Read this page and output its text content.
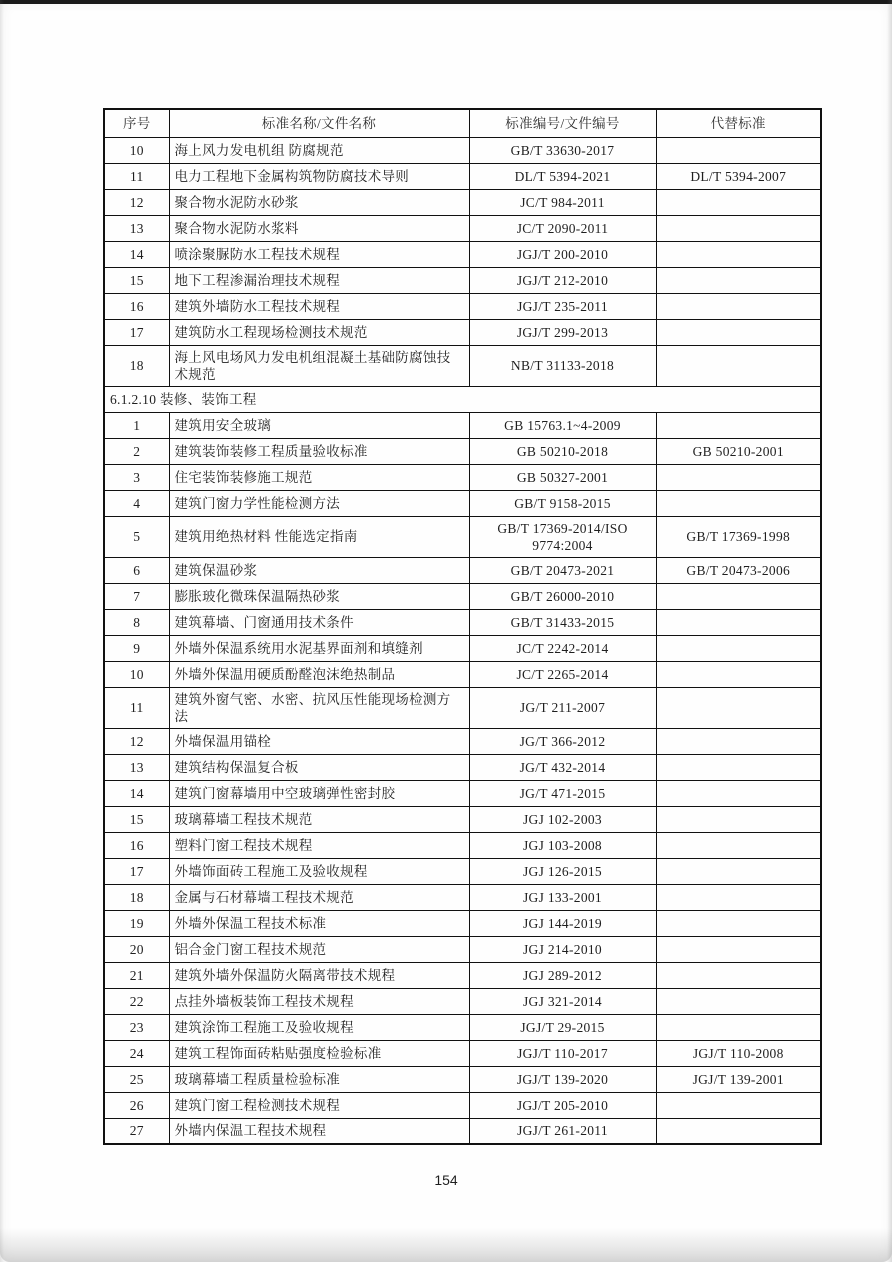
序号	标准名称/文件名称	标准编号/文件编号	代替标准
10	海上风力发电机组 防腐规范	GB/T 33630-2017	
11	电力工程地下金属构筑物防腐技术导则	DL/T 5394-2021	DL/T 5394-2007
12	聚合物水泥防水砂浆	JC/T 984-2011	
13	聚合物水泥防水浆料	JC/T 2090-2011	
14	喷涂聚脲防水工程技术规程	JGJ/T 200-2010	
15	地下工程渗漏治理技术规程	JGJ/T 212-2010	
16	建筑外墙防水工程技术规程	JGJ/T 235-2011	
17	建筑防水工程现场检测技术规范	JGJ/T 299-2013	
18	海上风电场风力发电机组混凝土基础防腐蚀技术规范	NB/T 31133-2018	
6.1.2.10 装修、装饰工程			
1	建筑用安全玻璃	GB 15763.1~4-2009	
2	建筑装饰装修工程质量验收标准	GB 50210-2018	GB 50210-2001
3	住宅装饰装修施工规范	GB 50327-2001	
4	建筑门窗力学性能检测方法	GB/T 9158-2015	
5	建筑用绝热材料 性能选定指南	GB/T 17369-2014/ISO 9774:2004	GB/T 17369-1998
6	建筑保温砂浆	GB/T 20473-2021	GB/T 20473-2006
7	膨胀玻化微珠保温隔热砂浆	GB/T 26000-2010	
8	建筑幕墙、门窗通用技术条件	GB/T 31433-2015	
9	外墙外保温系统用水泥基界面剂和填缝剂	JC/T 2242-2014	
10	外墙外保温用硬质酚醛泡沫绝热制品	JC/T 2265-2014	
11	建筑外窗气密、水密、抗风压性能现场检测方法	JG/T 211-2007	
12	外墙保温用锚栓	JG/T 366-2012	
13	建筑结构保温复合板	JG/T 432-2014	
14	建筑门窗幕墙用中空玻璃弹性密封胶	JG/T 471-2015	
15	玻璃幕墙工程技术规范	JGJ 102-2003	
16	塑料门窗工程技术规程	JGJ 103-2008	
17	外墙饰面砖工程施工及验收规程	JGJ 126-2015	
18	金属与石材幕墙工程技术规范	JGJ 133-2001	
19	外墙外保温工程技术标准	JGJ 144-2019	
20	铝合金门窗工程技术规范	JGJ 214-2010	
21	建筑外墙外保温防火隔离带技术规程	JGJ 289-2012	
22	点挂外墙板装饰工程技术规程	JGJ 321-2014	
23	建筑涂饰工程施工及验收规程	JGJ/T 29-2015	
24	建筑工程饰面砖粘贴强度检验标准	JGJ/T 110-2017	JGJ/T 110-2008
25	玻璃幕墙工程质量检验标准	JGJ/T 139-2020	JGJ/T 139-2001
26	建筑门窗工程检测技术规程	JGJ/T 205-2010	
27	外墙内保温工程技术规程	JGJ/T 261-2011	
154
